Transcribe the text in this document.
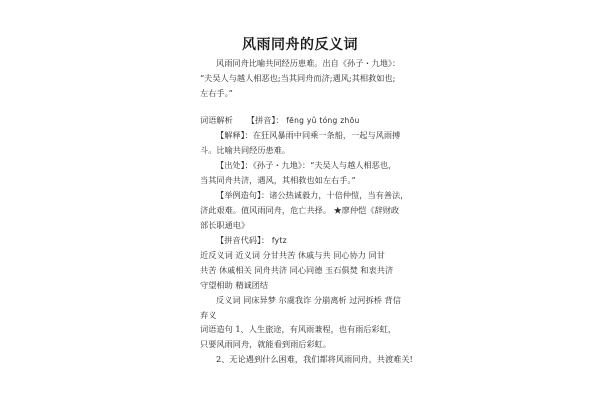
风雨同舟的反义词
风雨同舟比喻共同经历患难。出自《孙子・九地》：
“夫吴人与越人相恶也;当其同舟而济;遇风;其相救如也;
左右手。”
词语解析 【拼音】： fēng yǔ tóng zhōu
【解释】：在狂风暴雨中同乘一条船，一起与风雨搏
斗。比喻共同经历患难。
【出处】：《孙子・九地》：“夫吴人与越人相恶也，
当其同舟共济，遇风，其相救也如左右手。”
【举例造句】：诸公热诚毅力，十倍仲愷，当有善法，
济此艰难。值风雨同舟，危亡共择。 ★廖仲恺《辞财政
部长职通电》
【拼音代码】： fytz
近反义词 近义词 分甘共苦 休戚与共 同心协力 同甘
共苦 休戚相关 同舟共济 同心同德 玉石俱焚 和衷共济
守望相助 精诚团结
反义词 同床异梦 尔虞我诈 分崩离析 过河拆桥 背信
弃义
词语造句 1、人生旅途，有风雨兼程，也有雨后彩虹，
只要风雨同舟，就能看到雨后彩虹。
2、无论遇到什么困难，我们都将风雨同舟，共渡难关!
